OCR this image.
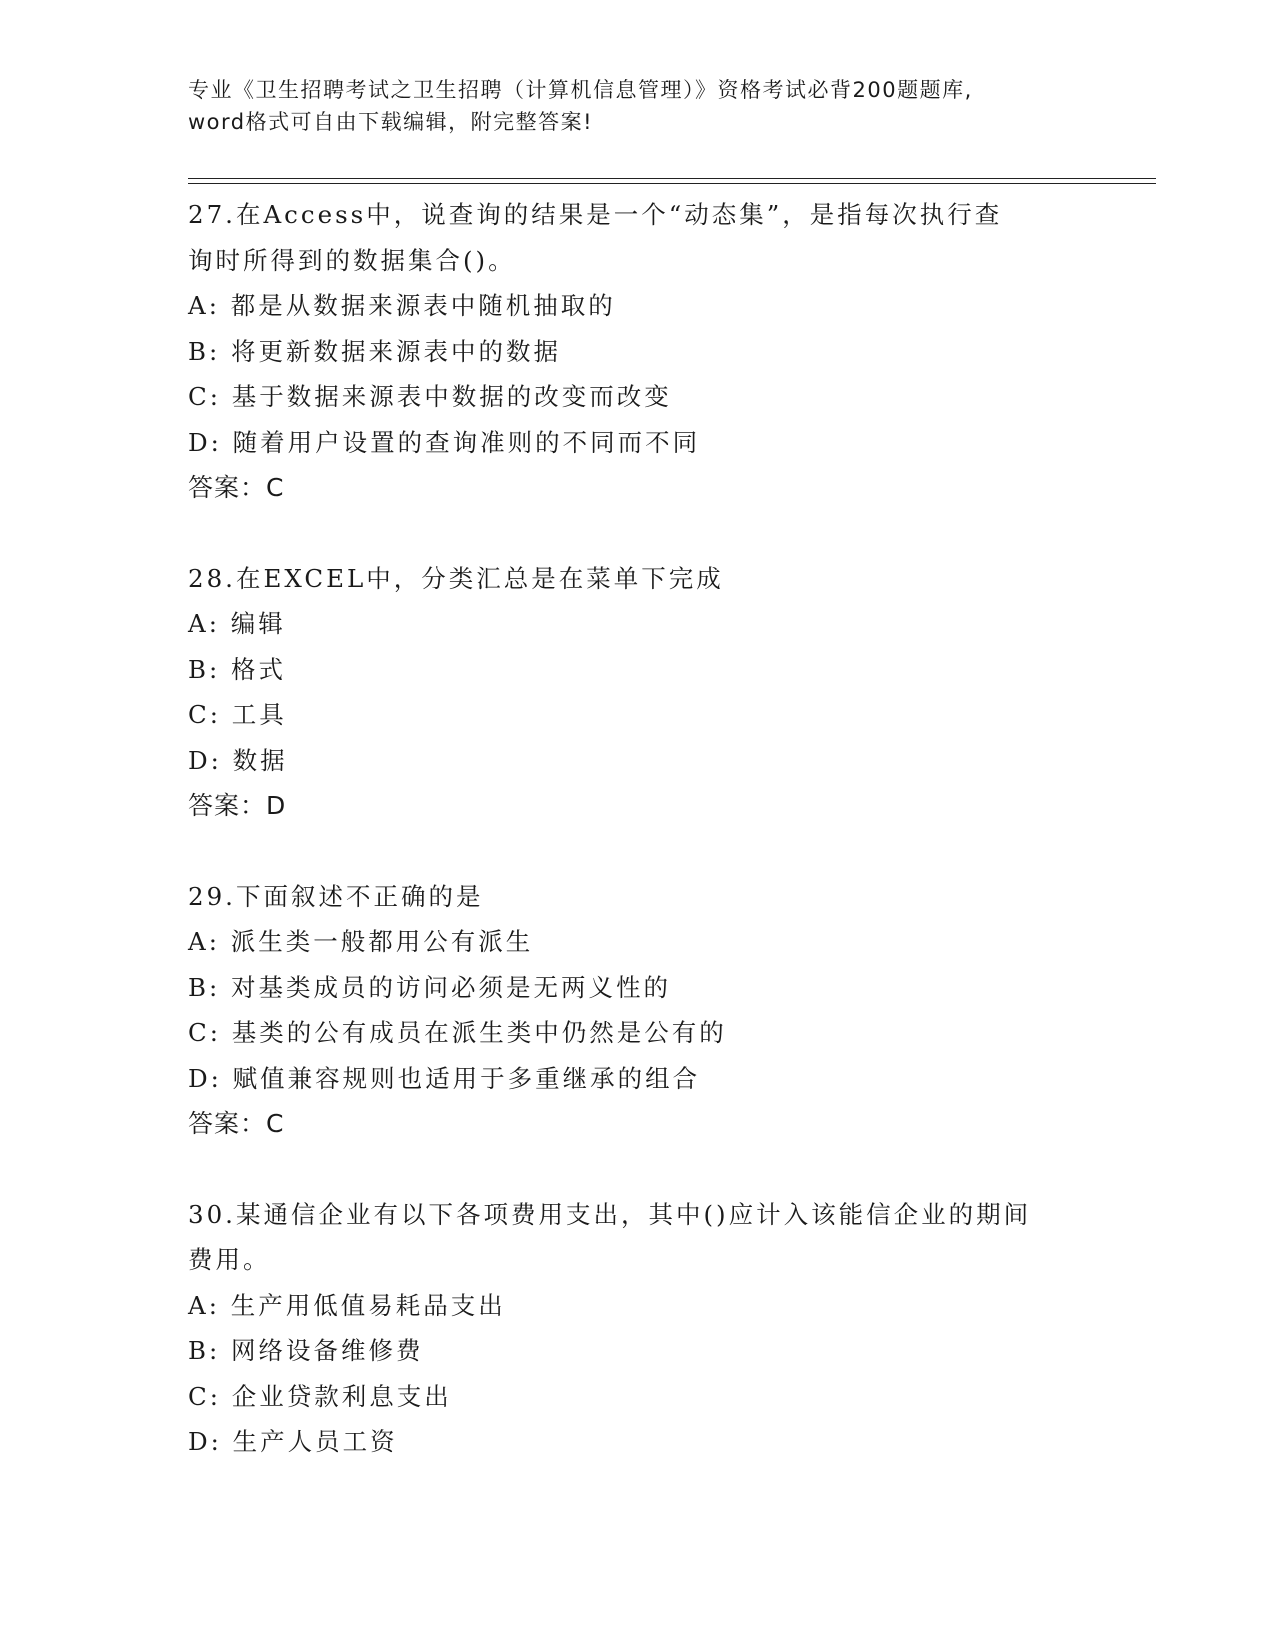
专业《卫生招聘考试之卫生招聘（计算机信息管理）》资格考试必背200题题库,
word格式可自由下载编辑，附完整答案!

27.在Access中，说查询的结果是一个“动态集”，是指每次执行查

询时所得到的数据集合()。

A: 都是从数据来源表中随机抽取的

B: 将更新数据来源表中的数据

C: 基于数据来源表中数据的改变而改变

D: 随着用户设置的查询准则的不同而不同

答案：C

28.在EXCEL中，分类汇总是在菜单下完成

A: 编辑

B: 格式

C: 工具

D: 数据

答案：D

29.下面叙述不正确的是

A: 派生类一般都用公有派生

B: 对基类成员的访问必须是无两义性的

C: 基类的公有成员在派生类中仍然是公有的

D: 赋值兼容规则也适用于多重继承的组合

答案：C

30.某通信企业有以下各项费用支出，其中()应计入该能信企业的期间

费用。

A: 生产用低值易耗品支出

B: 网络设备维修费

C: 企业贷款利息支出

D: 生产人员工资
